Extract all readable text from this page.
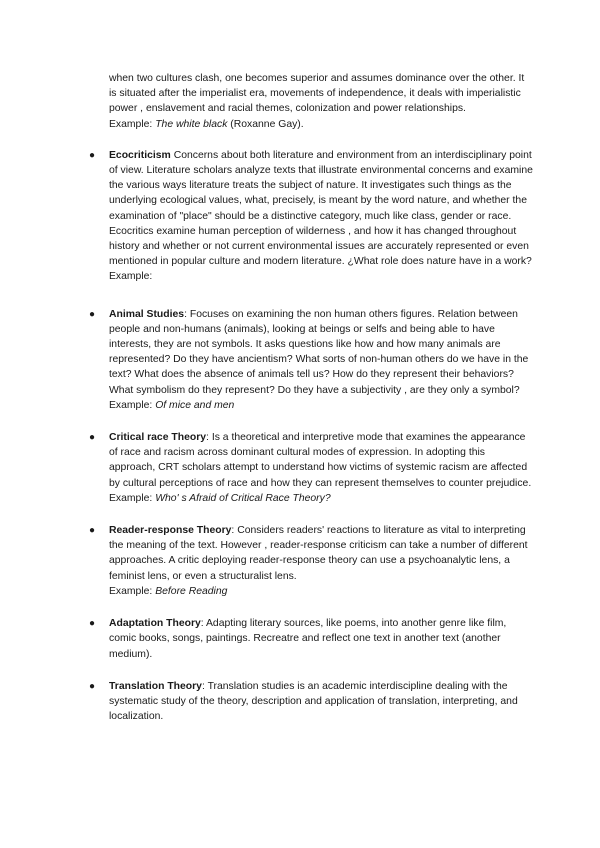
when two cultures clash, one becomes superior and assumes dominance over the other. It is situated after the imperialist era, movements of independence, it deals with imperialistic power , enslavement and racial themes, colonization and power relationships.

Example: The white black (Roxanne Gay).

● Ecocriticism Concerns about both literature and environment from an interdisciplinary point of view. Literature scholars analyze texts that illustrate environmental concerns and examine the various ways literature treats the subject of nature. It investigates such things as the underlying ecological values, what, precisely, is meant by the word nature, and whether the examination of "place" should be a distinctive category, much like class, gender or race. Ecocritics examine human perception of wilderness , and how it has changed throughout history and whether or not current environmental issues are accurately represented or even mentioned in popular culture and modern literature. ¿What role does nature have in a work?

Example:

● Animal Studies: Focuses on examining the non human others figures. Relation between people and non-humans (animals), looking at beings or selfs and being able to have interests, they are not symbols. It asks questions like how and how many animals are represented? Do they have ancientism? What sorts of non-human others do we have in the text? What does the absence of animals tell us? How do they represent their behaviors? What symbolism do they represent? Do they have a subjectivity , are they only a symbol?

Example: Of mice and men

● Critical race Theory: Is a theoretical and interpretive mode that examines the appearance of race and racism across dominant cultural modes of expression. In adopting this approach, CRT scholars attempt to understand how victims of systemic racism are affected by cultural perceptions of race and how they can represent themselves to counter prejudice.

Example: Who' s Afraid of Critical Race Theory?

● Reader-response Theory: Considers readers' reactions to literature as vital to interpreting the meaning of the text. However , reader-response criticism can take a number of different approaches. A critic deploying reader-response theory can use a psychoanalytic lens, a feminist lens, or even a structuralist lens.

Example: Before Reading

● Adaptation Theory: Adapting literary sources, like poems, into another genre like film, comic books, songs, paintings. Recreatre and reflect one text in another text (another medium).

● Translation Theory: Translation studies is an academic interdiscipline dealing with the systematic study of the theory, description and application of translation, interpreting, and localization.
